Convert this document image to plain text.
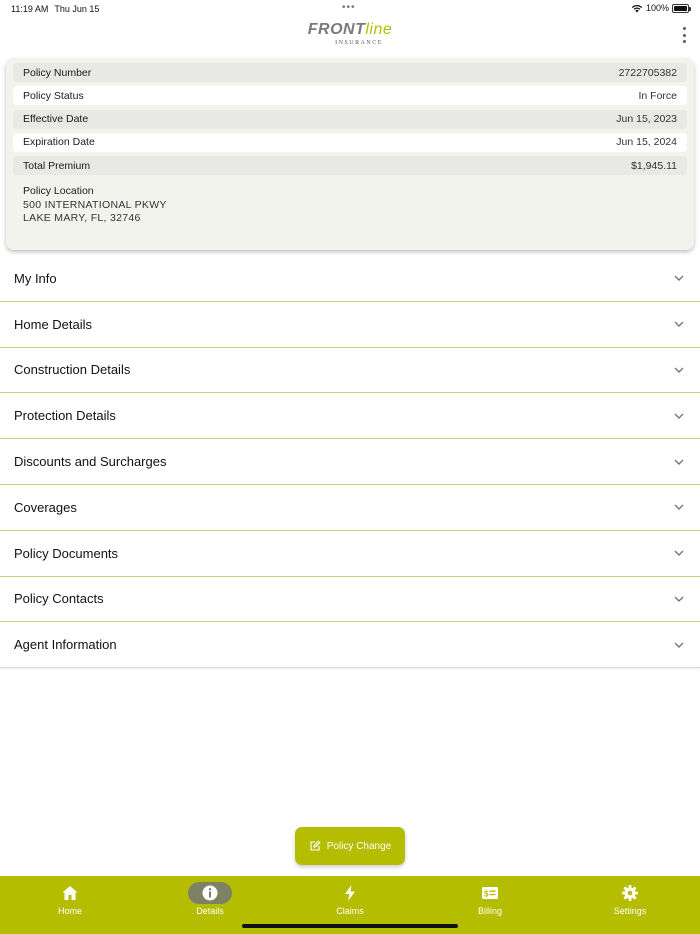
11:19 AM Thu Jun 15	•••	100%
FRONTline
INSURANCE
Policy Number	2722705382
Policy Status	In Force
Effective Date	Jun 15, 2023
Expiration Date	Jun 15, 2024
Total Premium	$1,945.11
Policy Location
500 INTERNATIONAL PKWY
LAKE MARY, FL, 32746
My Info
Home Details
Construction Details
Protection Details
Discounts and Surcharges
Coverages
Policy Documents
Policy Contacts
Agent Information
Policy Change
Home	Details	Claims
$
Billing	Settings
